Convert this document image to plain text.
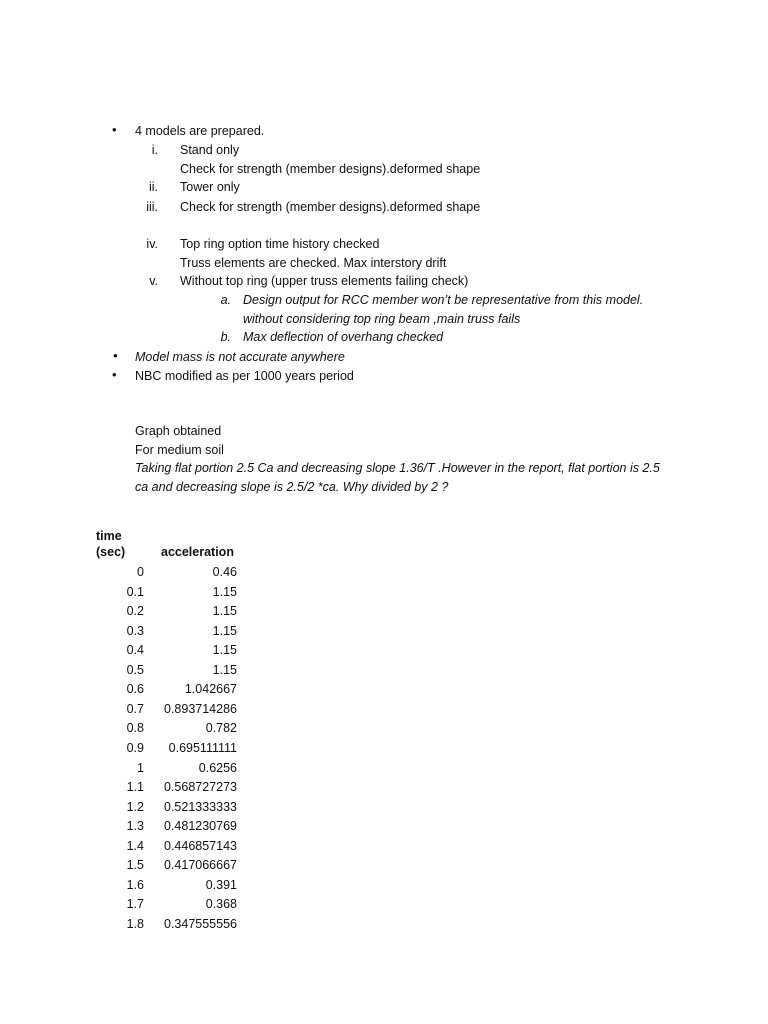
• 4 models are prepared.
i. Stand only
Check for strength (member designs).deformed shape
ii. Tower only
iii. Check for strength (member designs).deformed shape
iv. Top ring option time history checked
Truss elements are checked. Max interstory drift
v. Without top ring (upper truss elements failing check)
a. Design output for RCC member won’t be representative from this model.
without considering top ring beam ,main truss fails
b. Max deflection of overhang checked
• Model mass is not accurate anywhere
• NBC modified as per 1000 years period
Graph obtained
For medium soil
Taking flat portion 2.5 Ca and decreasing slope 1.36/T .However in the report, flat portion is 2.5
ca and decreasing slope is 2.5/2 *ca. Why divided by 2 ?
time
(sec)	acceleration
0	0.46
0.1	1.15
0.2	1.15
0.3	1.15
0.4	1.15
0.5	1.15
0.6	1.042667
0.7	0.893714286
0.8	0.782
0.9	0.695111111
1	0.6256
1.1	0.568727273
1.2	0.521333333
1.3	0.481230769
1.4	0.446857143
1.5	0.417066667
1.6	0.391
1.7	0.368
1.8	0.347555556
